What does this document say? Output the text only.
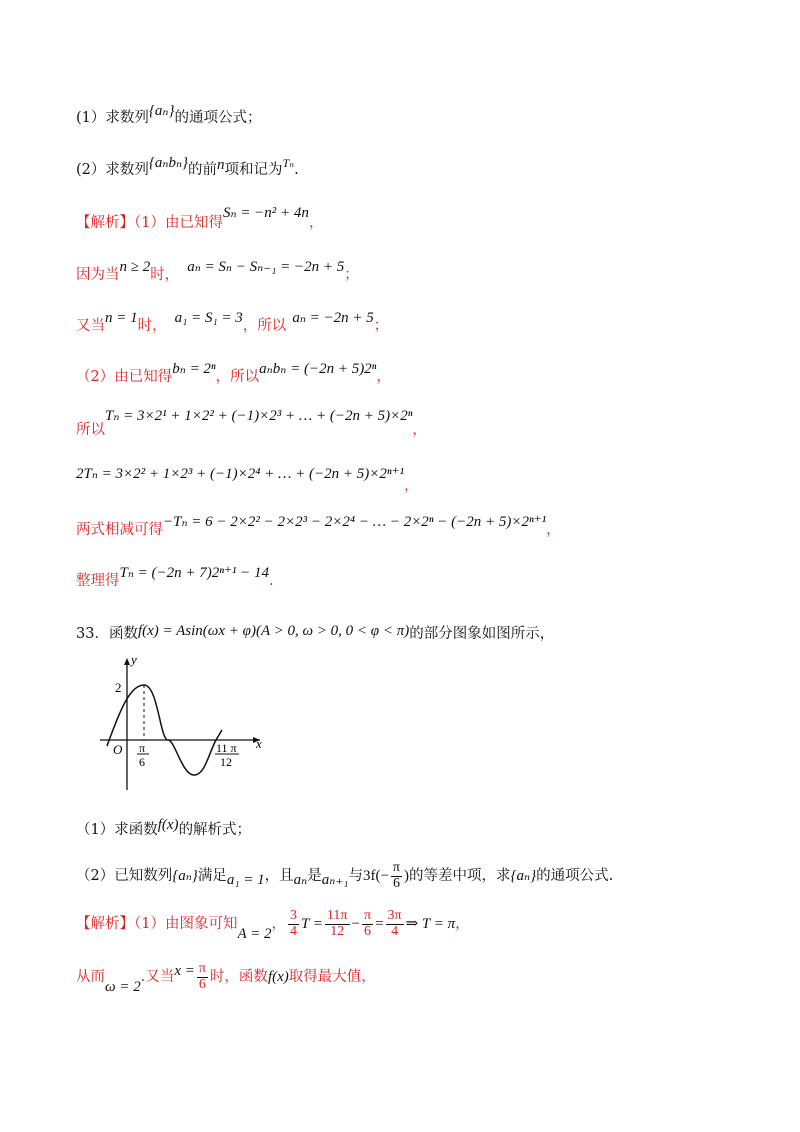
(1）求数列{aₙ}的通项公式；
(2）求数列{aₙbₙ}的前n项和记为$^{T_n}$.
【解析】（1）由已知得Sₙ = −n² + 4n，
因为当n ≥ 2时， aₙ = Sₙ − Sₙ₋₁ = −2n + 5；
又当n = 1时， a₁ = S₁ = 3，所以 aₙ = −2n + 5；
（2）由已知得bₙ = 2ⁿ，所以aₙbₙ = (−2n + 5)2ⁿ，
所以Tₙ = 3×2¹ + 1×2² + (−1)×2³ + … + (−2n + 5)×2ⁿ，
2Tₙ = 3×2² + 1×2³ + (−1)×2⁴ + … + (−2n + 5)×2ⁿ⁺¹，
两式相减可得−Tₙ = 6 − 2×2² − 2×2³ − 2×2⁴ − … − 2×2ⁿ − (−2n + 5)×2ⁿ⁺¹，
整理得Tₙ = (−2n + 7)2ⁿ⁺¹ − 14.
33．函数f(x) = Asin(ωx + φ)(A > 0, ω > 0, 0 < φ < π)的部分图象如图所示，
y
x
O
2
π
6
11 π
12
（1）求函数f(x)的解析式；
（2）已知数列{aₙ}满足a₁ = 1，且aₙ是aₙ₊₁与$3f(- \frac{\pi}{6}$ )的等差中项，求{aₙ}的通项公式.
【解析】（1）由图象可知A = 2， $\frac{3}{4}$ $T = \frac{11\pi}{12} - \frac{\pi}{6} = \frac{3\pi}{4}$ ⇒ T = π，
从而ω = 2.又当$x = \frac{\pi}{6}$ 时，函数f(x)取得最大值，
